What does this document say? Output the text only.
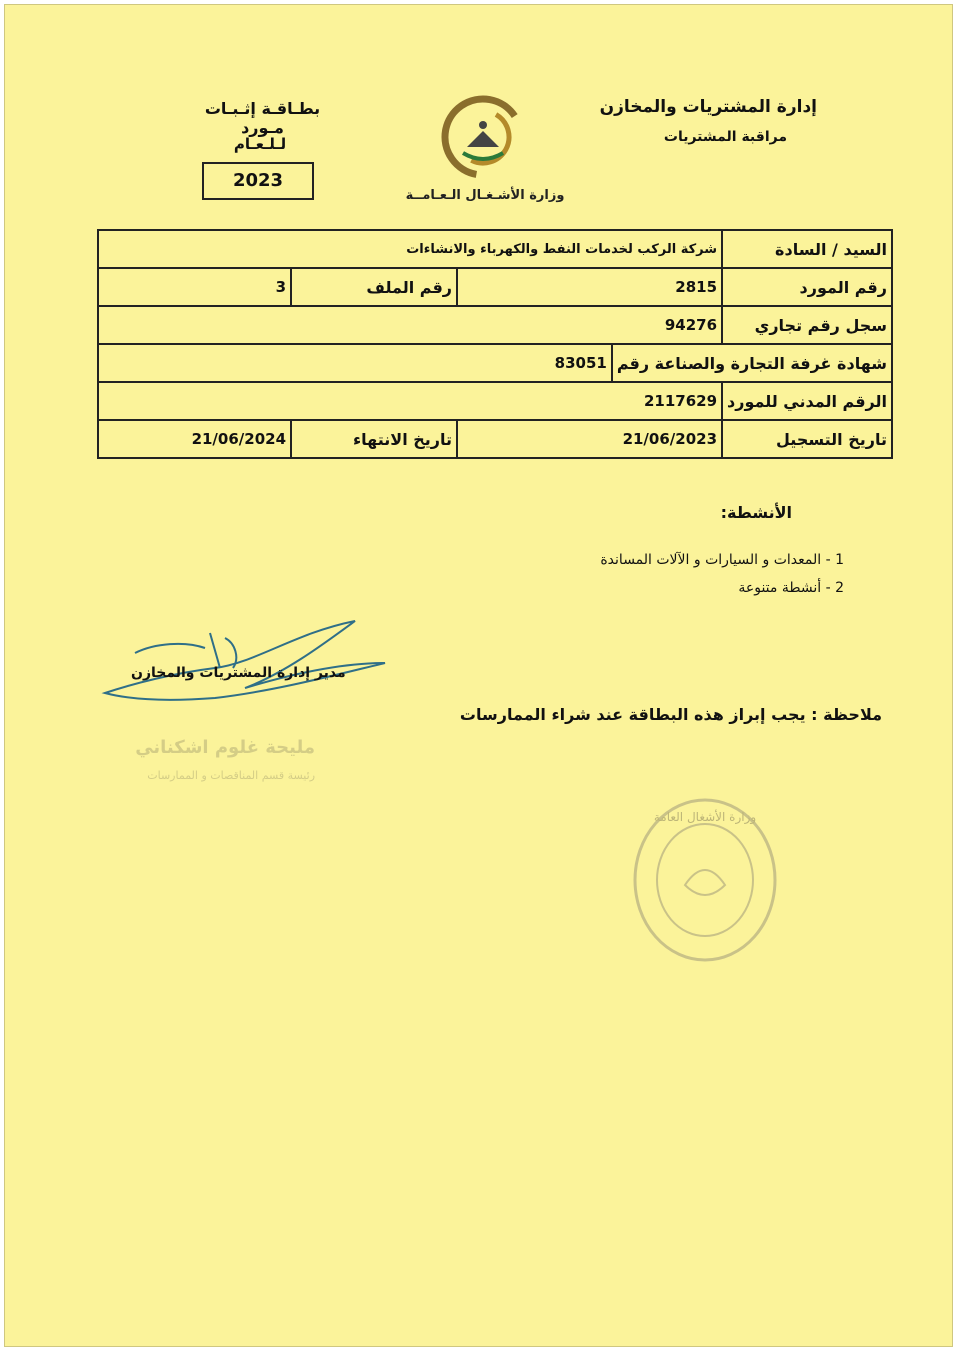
إدارة المشتريات والمخازن
مراقبة المشتريات
وزارة الأشـغـال الـعـامــة
بطـاقـة إثـبـات مـورد
لـلـعـام
2023
السيد / السادة	شركة الركب لخدمات النفط والكهرباء والانشاءات
رقم المورد	2815	رقم الملف	3
سجل رقم تجاري	94276

شهادة غرفة التجارة والصناعة رقم	83051

الرقم المدني للمورد	2117629
تاريخ التسجيل	21/06/2023	تاريخ الانتهاء	21/06/2024
الأنشطة:
1 - المعدات و السيارات و الآلات المساندة
2 - أنشطة متنوعة
مدير إدارة المشتريات والمخازن
مليحة غلوم اشكناني
رئيسة قسم المناقصات و الممارسات
ملاحظة : يجب إبراز هذه البطاقة عند شراء الممارسات
وزارة الأشغال العامة
